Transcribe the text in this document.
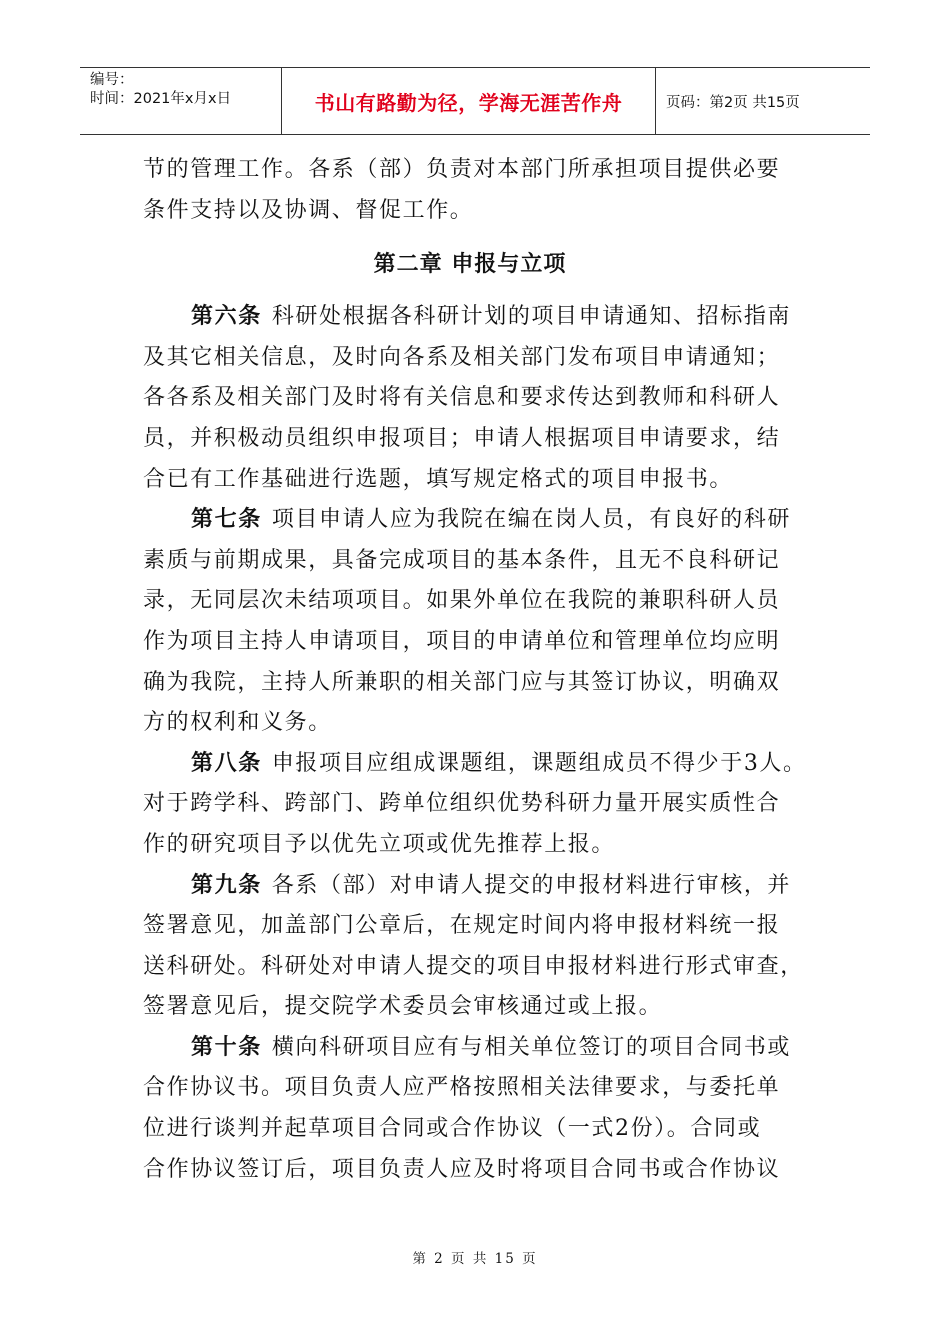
编号：
时间：2021年x月x日	书山有路勤为径，学海无涯苦作舟	页码：第2页 共15页
节的管理工作。各系（部）负责对本部门所承担项目提供必要
条件支持以及协调、督促工作。
第二章 申报与立项
第六条 科研处根据各科研计划的项目申请通知、招标指南
及其它相关信息，及时向各系及相关部门发布项目申请通知；
各各系及相关部门及时将有关信息和要求传达到教师和科研人
员，并积极动员组织申报项目；申请人根据项目申请要求，结
合已有工作基础进行选题，填写规定格式的项目申报书。
第七条 项目申请人应为我院在编在岗人员，有良好的科研
素质与前期成果，具备完成项目的基本条件，且无不良科研记
录，无同层次未结项项目。如果外单位在我院的兼职科研人员
作为项目主持人申请项目，项目的申请单位和管理单位均应明
确为我院，主持人所兼职的相关部门应与其签订协议，明确双
方的权利和义务。
第八条 申报项目应组成课题组，课题组成员不得少于3人。
对于跨学科、跨部门、跨单位组织优势科研力量开展实质性合
作的研究项目予以优先立项或优先推荐上报。
第九条 各系（部）对申请人提交的申报材料进行审核，并
签署意见，加盖部门公章后，在规定时间内将申报材料统一报
送科研处。科研处对申请人提交的项目申报材料进行形式审查，
签署意见后，提交院学术委员会审核通过或上报。
第十条 横向科研项目应有与相关单位签订的项目合同书或
合作协议书。项目负责人应严格按照相关法律要求，与委托单
位进行谈判并起草项目合同或合作协议（一式2份）。合同或
合作协议签订后，项目负责人应及时将项目合同书或合作协议
第 2 页 共 15 页
